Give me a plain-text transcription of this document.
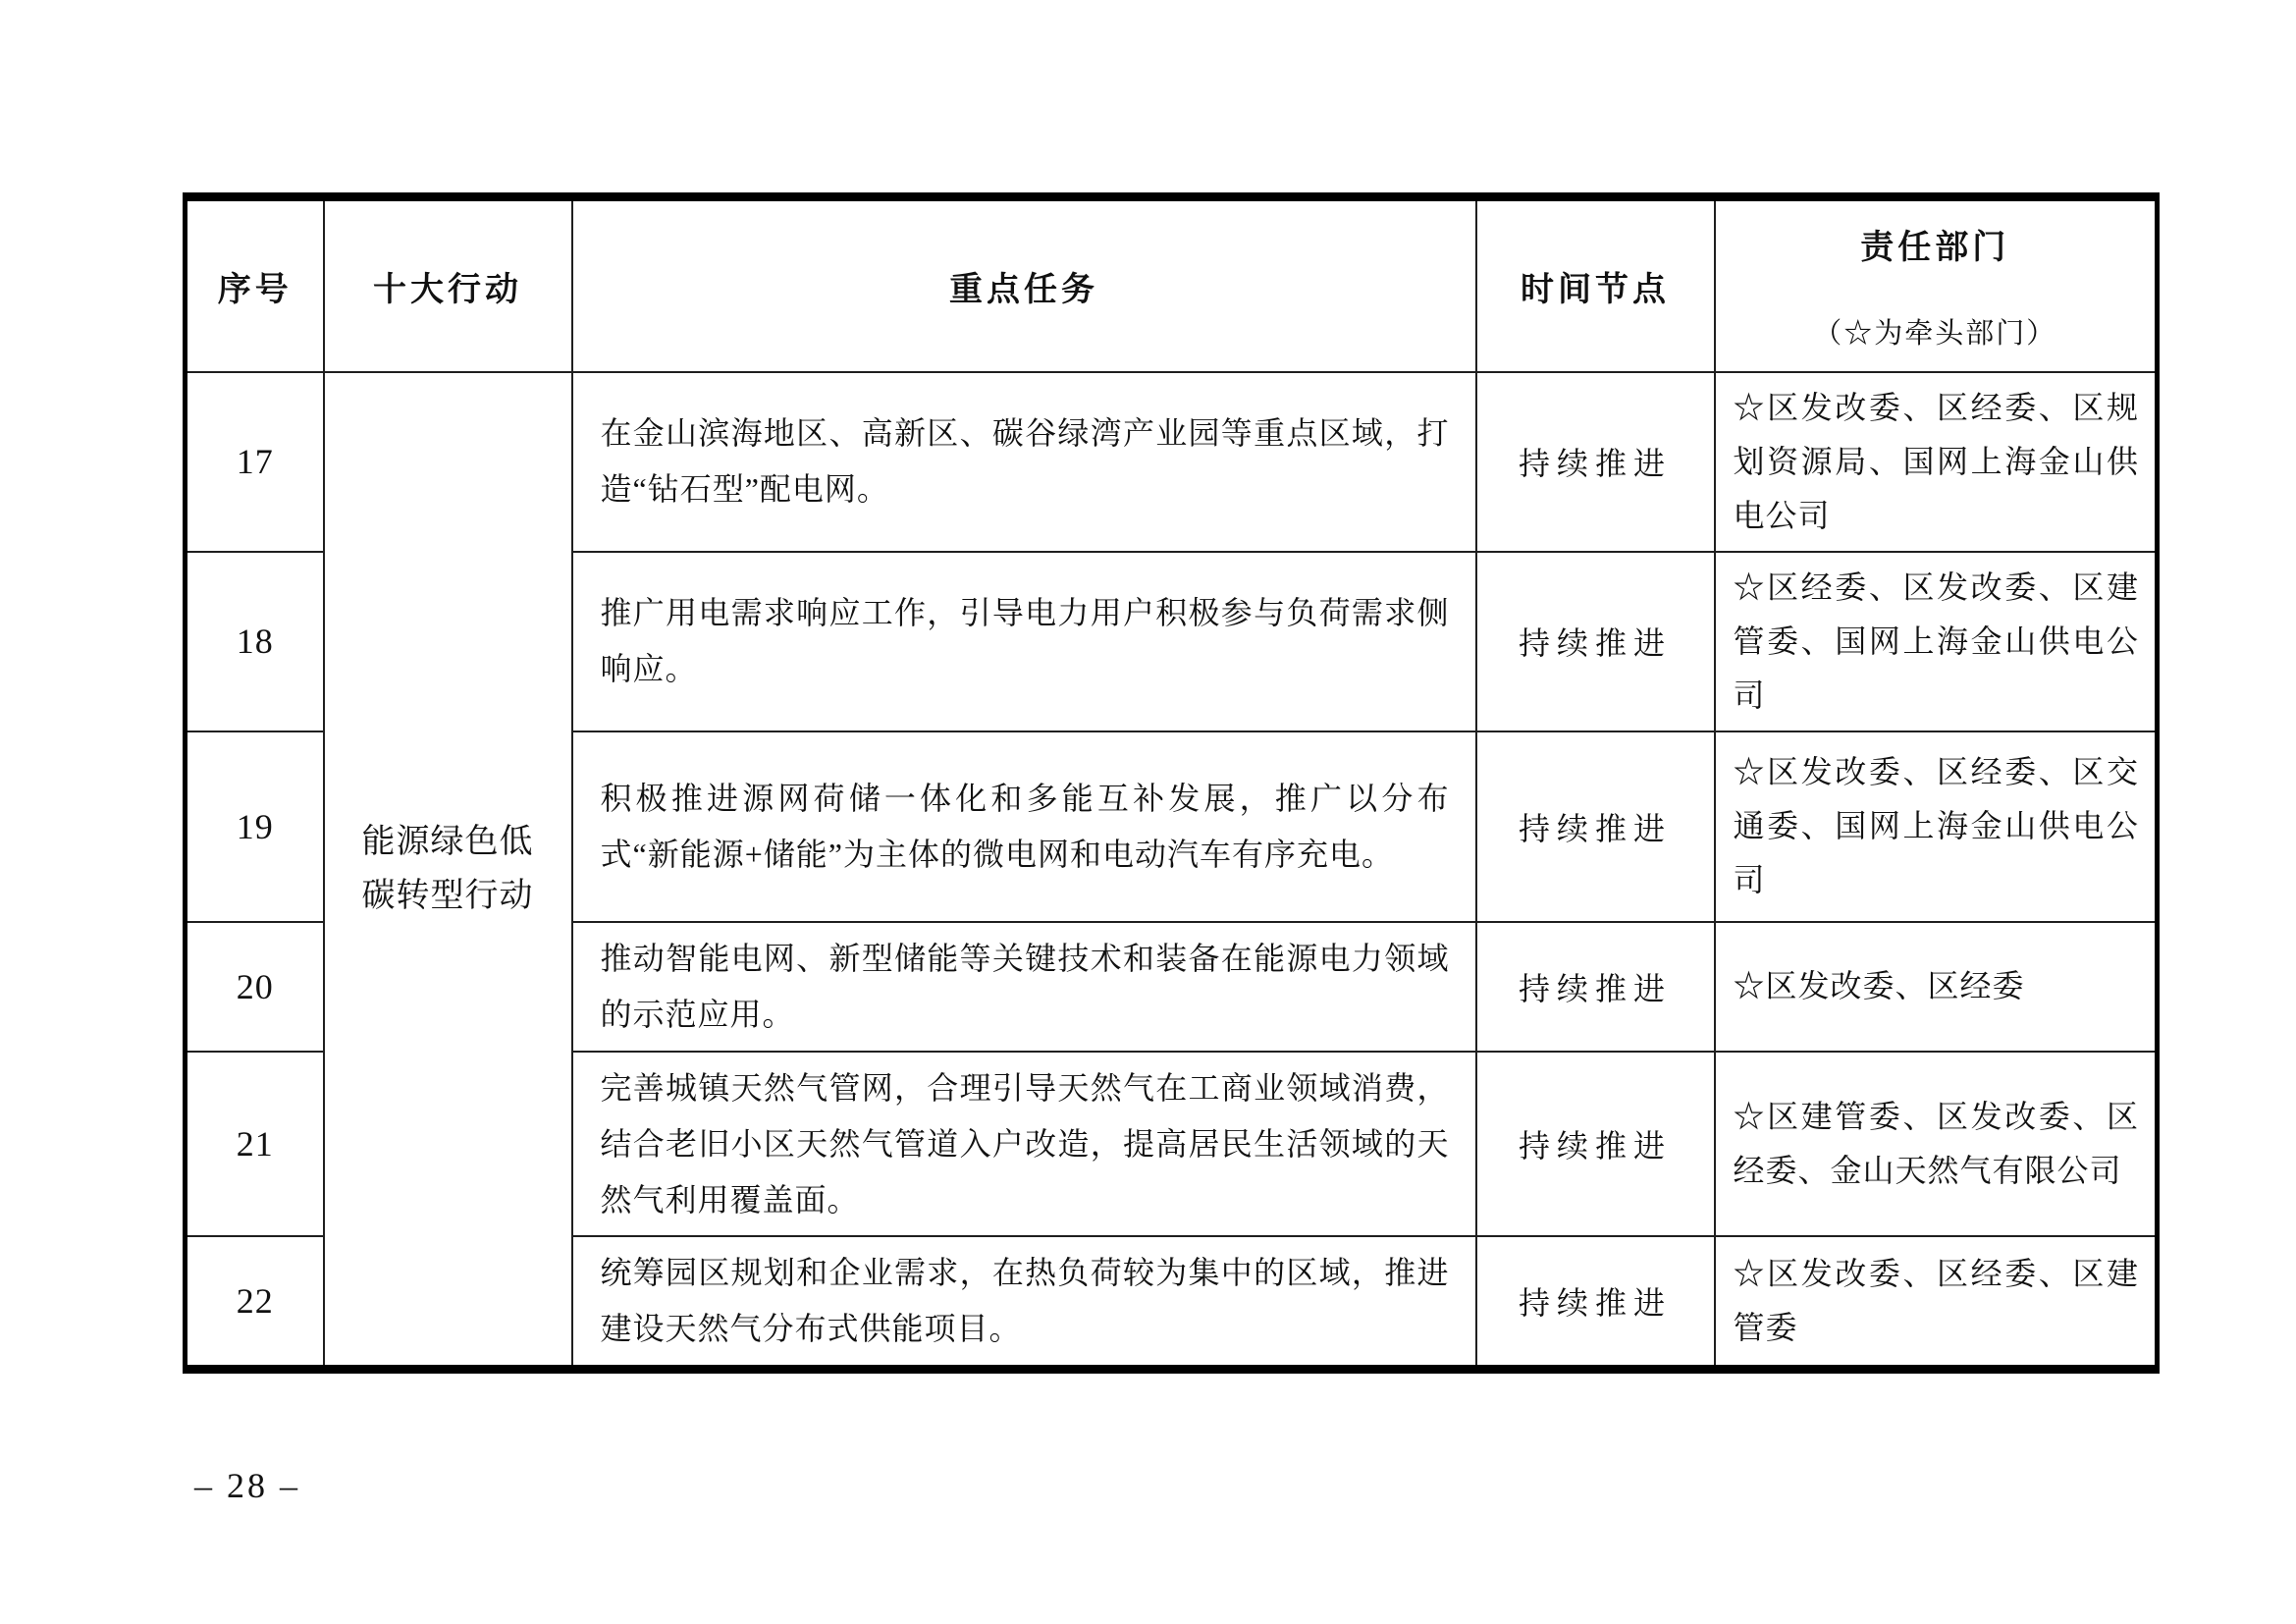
序号	十大行动	重点任务	时间节点	责任部门
（☆为牵头部门）

17	能源绿色低碳转型行动	在金山滨海地区、高新区、碳谷绿湾产业园等重点区域，打造“钻石型”配电网。	持续推进	☆区发改委、区经委、区规划资源局、国网上海金山供电公司
18		推广用电需求响应工作，引导电力用户积极参与负荷需求侧响应。	持续推进	☆区经委、区发改委、区建管委、国网上海金山供电公司
19		积极推进源网荷储一体化和多能互补发展，推广以分布式“新能源+储能”为主体的微电网和电动汽车有序充电。	持续推进	☆区发改委、区经委、区交通委、国网上海金山供电公司
20		推动智能电网、新型储能等关键技术和装备在能源电力领域的示范应用。	持续推进	☆区发改委、区经委
21		完善城镇天然气管网，合理引导天然气在工商业领域消费，结合老旧小区天然气管道入户改造，提高居民生活领域的天然气利用覆盖面。	持续推进	☆区建管委、区发改委、区经委、金山天然气有限公司
22		统筹园区规划和企业需求，在热负荷较为集中的区域，推进建设天然气分布式供能项目。	持续推进	☆区发改委、区经委、区建管委
– 28 –
